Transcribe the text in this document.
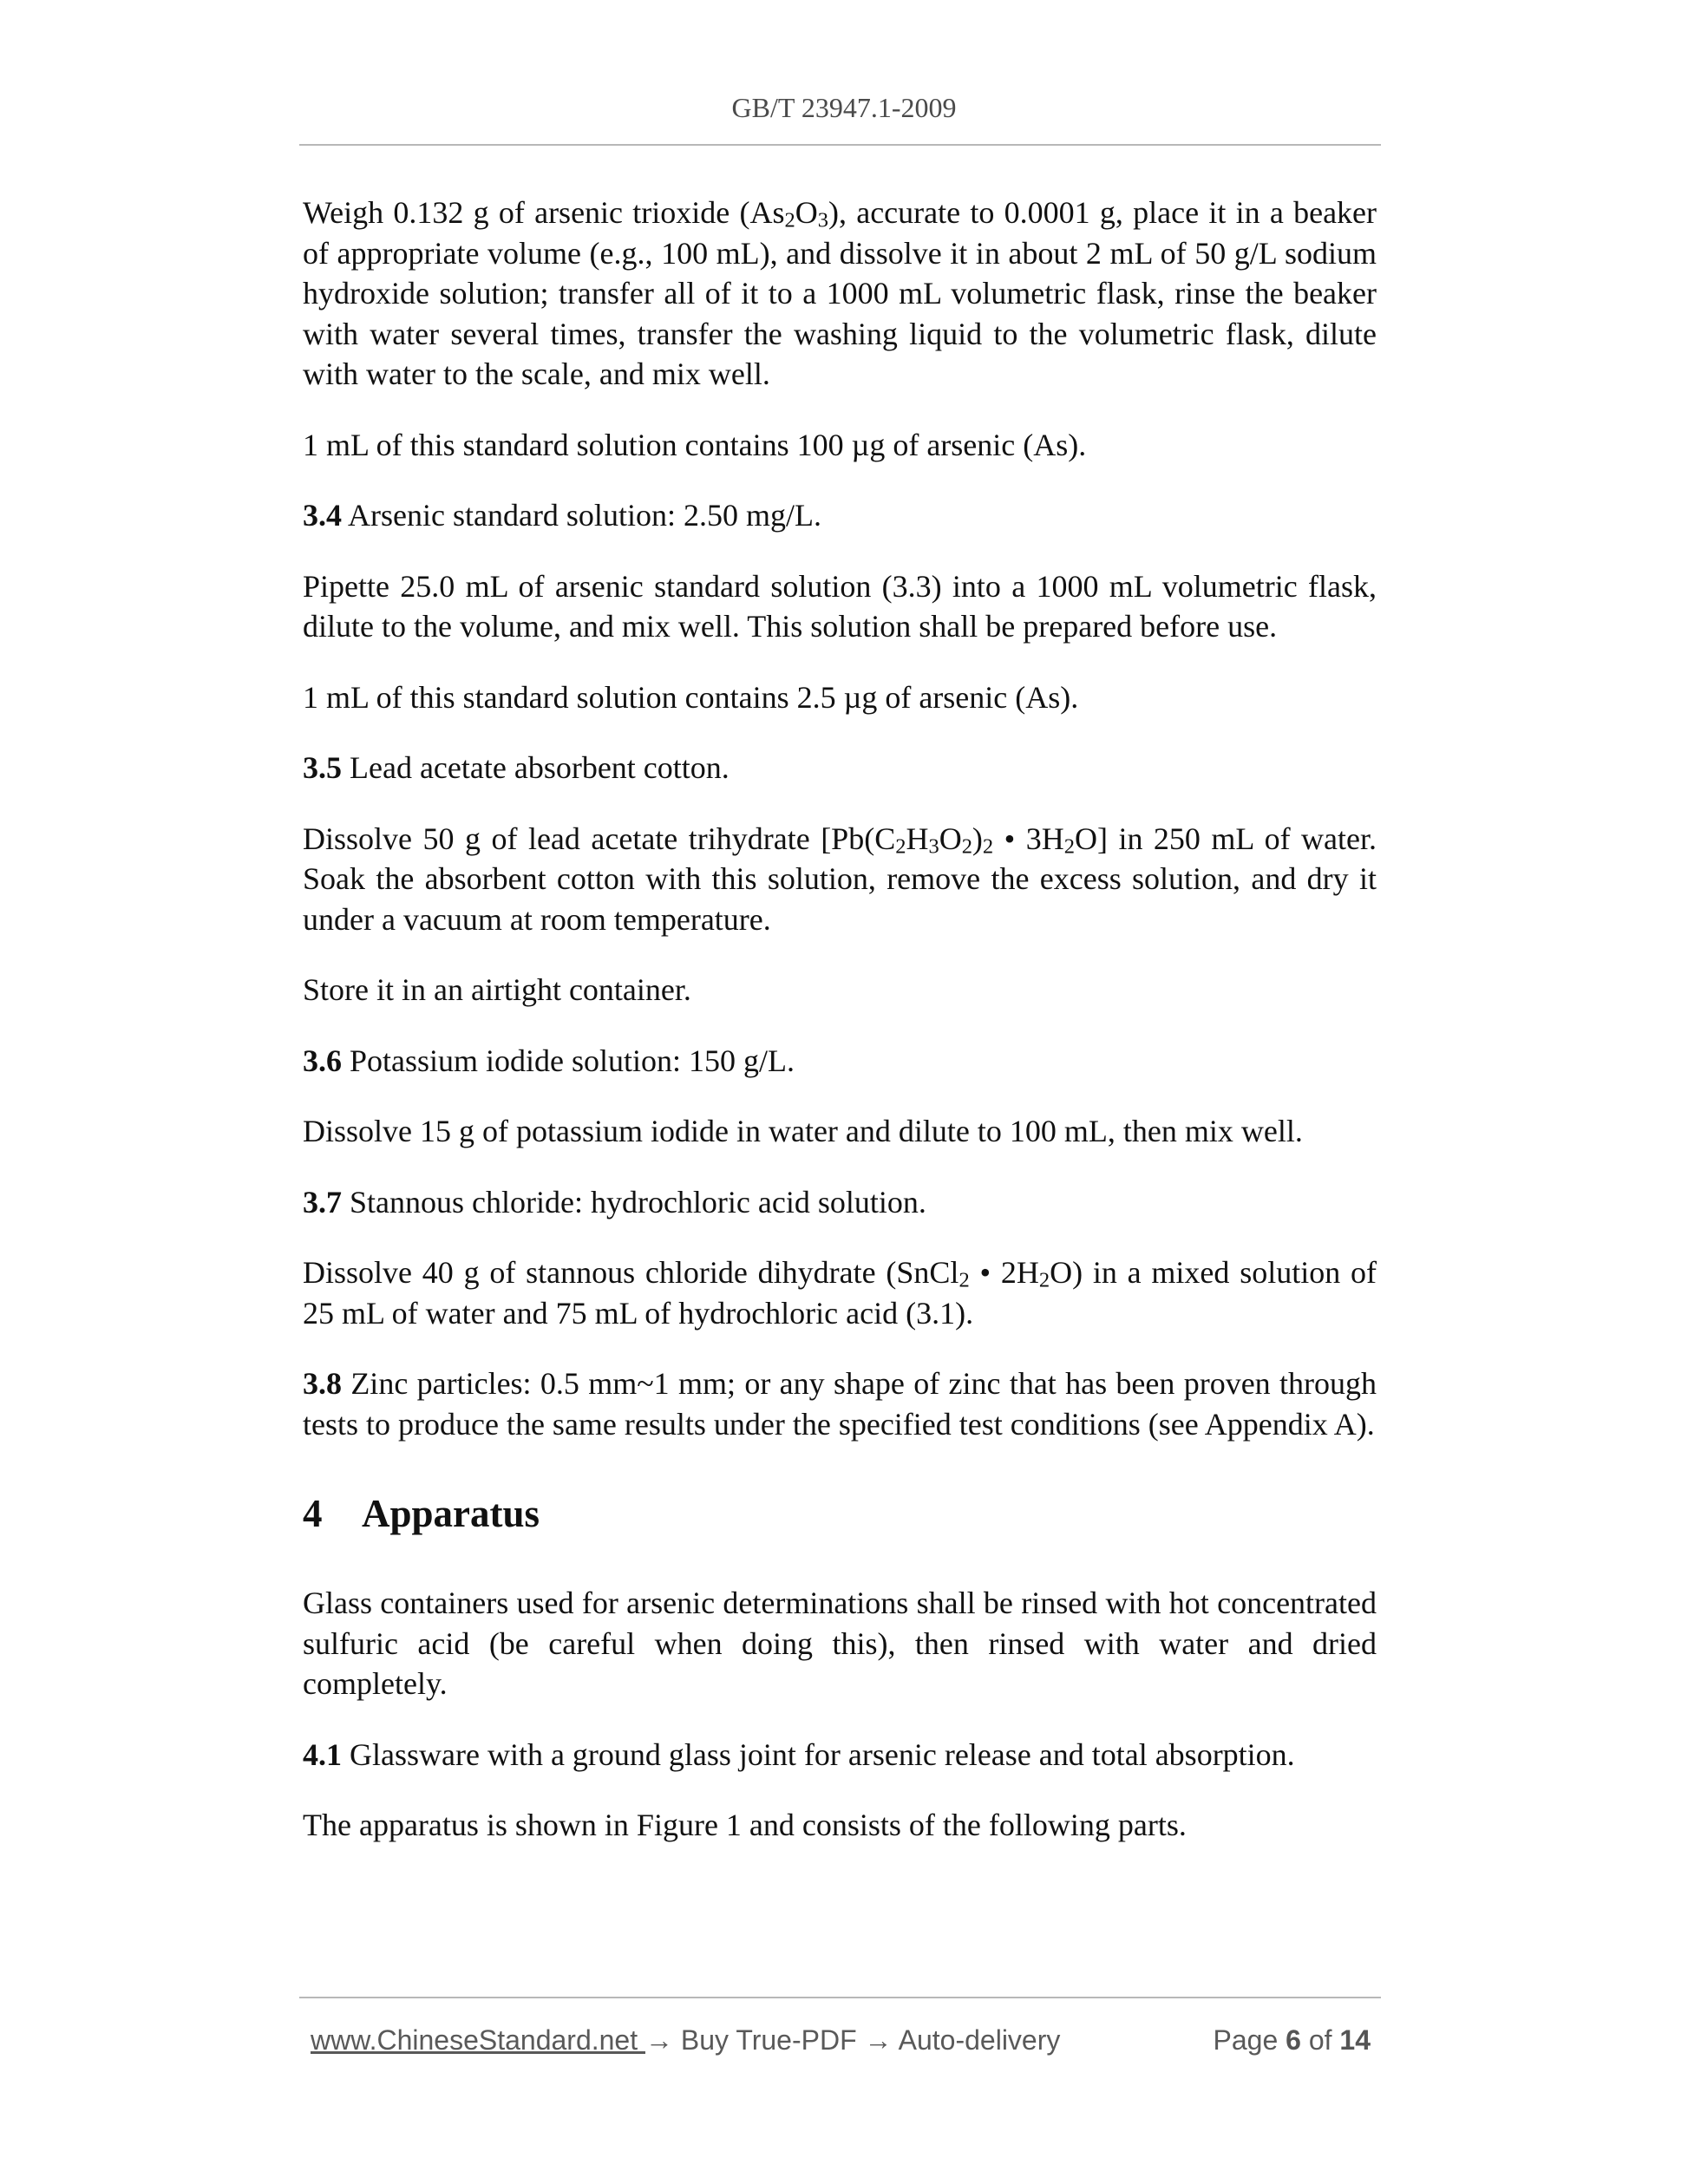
GB/T 23947.1-2009

Weigh 0.132 g of arsenic trioxide $(As_2O_3)$, accurate to 0.0001 g, place it in a beaker of appropriate volume (e.g., 100 mL), and dissolve it in about 2 mL of 50 g/L sodium hydroxide solution; transfer all of it to a 1000 mL volumetric flask, rinse the beaker with water several times, transfer the washing liquid to the volumetric flask, dilute with water to the scale, and mix well.

1 mL of this standard solution contains 100 µg of arsenic (As).

3.4 Arsenic standard solution: 2.50 mg/L.

Pipette 25.0 mL of arsenic standard solution (3.3) into a 1000 mL volumetric flask, dilute to the volume, and mix well. This solution shall be prepared before use.

1 mL of this standard solution contains 2.5 µg of arsenic (As).

3.5 Lead acetate absorbent cotton.

Dissolve 50 g of lead acetate trihydrate [$Pb(C_2H_3O_2)_2$ • $3H_2O$] in 250 mL of water. Soak the absorbent cotton with this solution, remove the excess solution, and dry it under a vacuum at room temperature.

Store it in an airtight container.

3.6 Potassium iodide solution: 150 g/L.

Dissolve 15 g of potassium iodide in water and dilute to 100 mL, then mix well.

3.7 Stannous chloride: hydrochloric acid solution.

Dissolve 40 g of stannous chloride dihydrate (SnCl$_2$ • $2H_2O$) in a mixed solution of 25 mL of water and 75 mL of hydrochloric acid (3.1).

3.8 Zinc particles: 0.5 mm~1 mm; or any shape of zinc that has been proven through tests to produce the same results under the specified test conditions (see Appendix A).

4 Apparatus

Glass containers used for arsenic determinations shall be rinsed with hot concentrated sulfuric acid (be careful when doing this), then rinsed with water and dried completely.

4.1 Glassware with a ground glass joint for arsenic release and total absorption.

The apparatus is shown in Figure 1 and consists of the following parts.

www.ChineseStandard.net → Buy True-PDF → Auto-delivery	Page 6 of 14
